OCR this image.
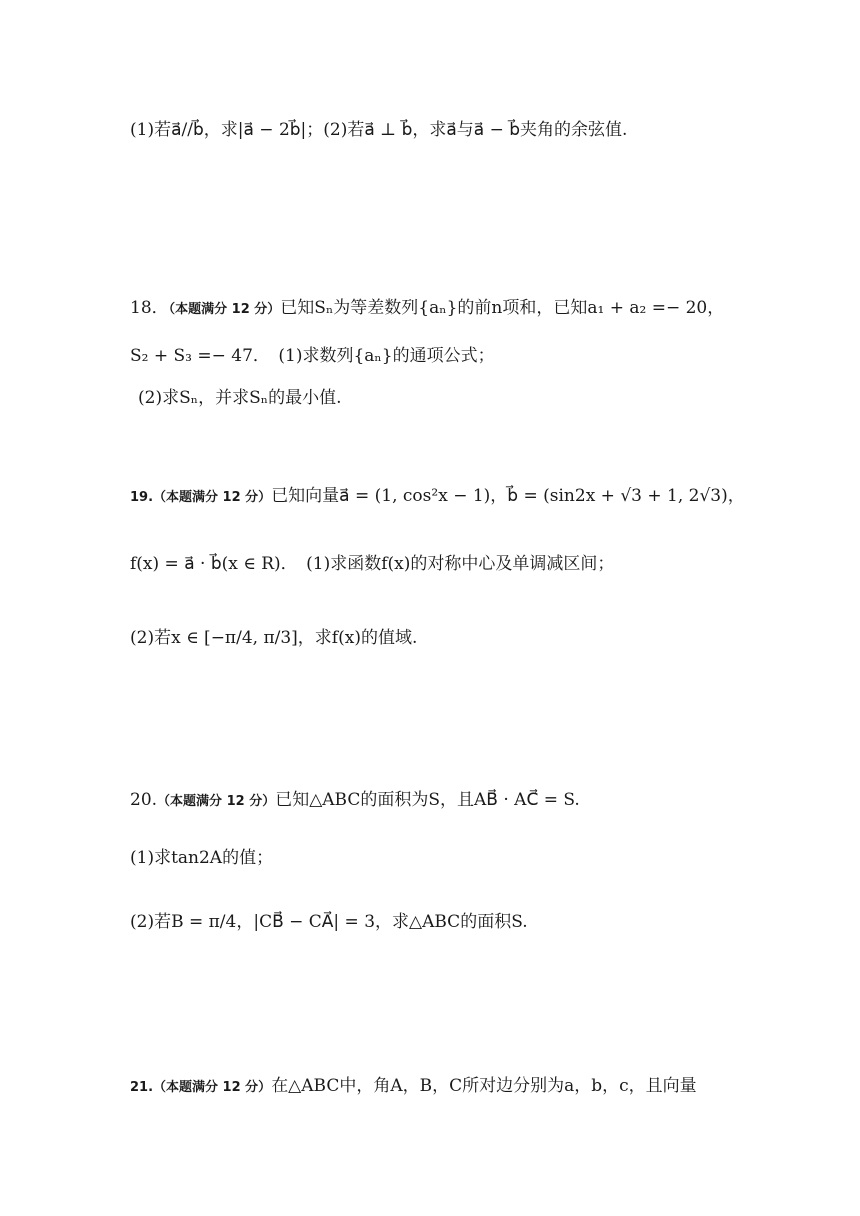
(1)若a⃗//b⃗，求|a⃗ − 2b⃗|；(2)若a⃗ ⊥ b⃗，求a⃗与a⃗ − b⃗夹角的余弦值.
18．（本题满分 12 分）已知Sₙ为等差数列{aₙ}的前n项和，已知a₁ + a₂ =− 20，
S₂ + S₃ =− 47．　(1)求数列{aₙ}的通项公式；
(2)求Sₙ，并求Sₙ的最小值.
19.（本题满分 12 分）已知向量a⃗ = (1, cos²x − 1)，b⃗ = (sin2x + √3 + 1, 2√3)，
f(x) = a⃗ · b⃗(x ∈ R)．　(1)求函数f(x)的对称中心及单调减区间；
(2)若x ∈ [−π/4, π/3]，求f(x)的值域.
20.（本题满分 12 分）已知△ABC的面积为S，且AB⃗ · AC⃗ = S.
(1)求tan2A的值；
(2)若B = π/4，|CB⃗ − CA⃗| = 3，求△ABC的面积S.
21.（本题满分 12 分）在△ABC中，角A，B，C所对边分别为a，b，c，且向量
